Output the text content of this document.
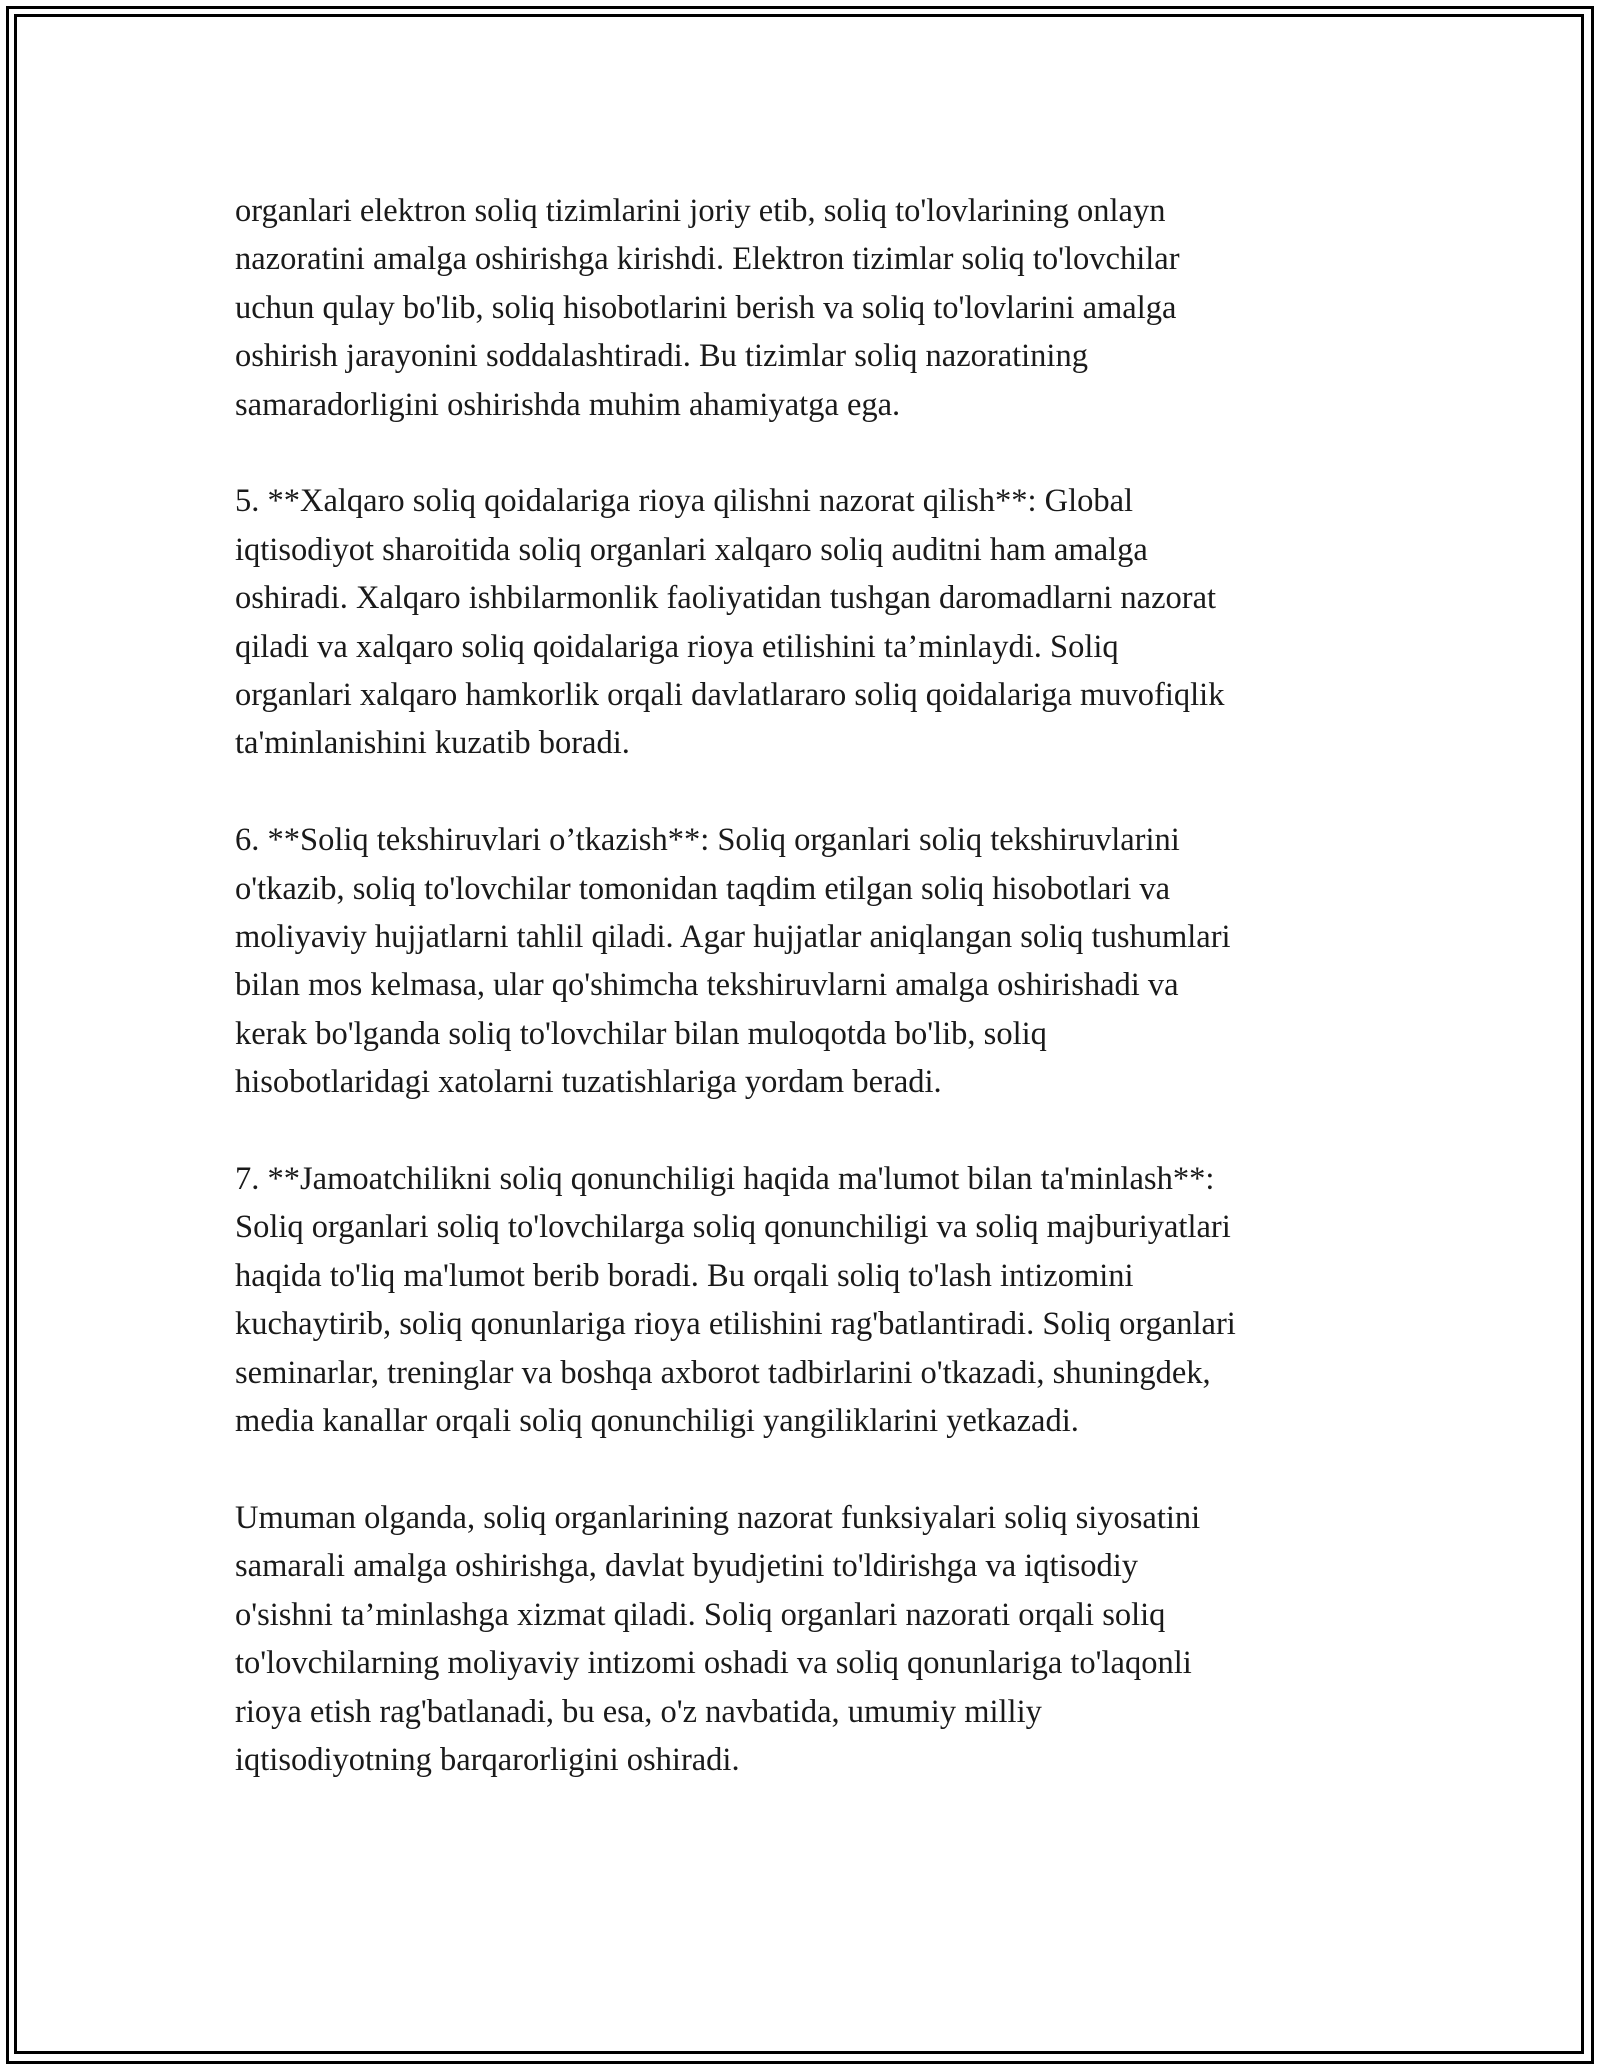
organlari elektron soliq tizimlarini joriy etib, soliq to'lovlarining onlayn
nazoratini amalga oshirishga kirishdi. Elektron tizimlar soliq to'lovchilar
uchun qulay bo'lib, soliq hisobotlarini berish va soliq to'lovlarini amalga
oshirish jarayonini soddalashtiradi. Bu tizimlar soliq nazoratining
samaradorligini oshirishda muhim ahamiyatga ega.

5. **Xalqaro soliq qoidalariga rioya qilishni nazorat qilish**: Global
iqtisodiyot sharoitida soliq organlari xalqaro soliq auditni ham amalga
oshiradi. Xalqaro ishbilarmonlik faoliyatidan tushgan daromadlarni nazorat
qiladi va xalqaro soliq qoidalariga rioya etilishini ta’minlaydi. Soliq
organlari xalqaro hamkorlik orqali davlatlararo soliq qoidalariga muvofiqlik
ta'minlanishini kuzatib boradi.

6. **Soliq tekshiruvlari o’tkazish**: Soliq organlari soliq tekshiruvlarini
o'tkazib, soliq to'lovchilar tomonidan taqdim etilgan soliq hisobotlari va
moliyaviy hujjatlarni tahlil qiladi. Agar hujjatlar aniqlangan soliq tushumlari
bilan mos kelmasa, ular qo'shimcha tekshiruvlarni amalga oshirishadi va
kerak bo'lganda soliq to'lovchilar bilan muloqotda bo'lib, soliq
hisobotlaridagi xatolarni tuzatishlariga yordam beradi.

7. **Jamoatchilikni soliq qonunchiligi haqida ma'lumot bilan ta'minlash**:
Soliq organlari soliq to'lovchilarga soliq qonunchiligi va soliq majburiyatlari
haqida to'liq ma'lumot berib boradi. Bu orqali soliq to'lash intizomini
kuchaytirib, soliq qonunlariga rioya etilishini rag'batlantiradi. Soliq organlari
seminarlar, treninglar va boshqa axborot tadbirlarini o'tkazadi, shuningdek,
media kanallar orqali soliq qonunchiligi yangiliklarini yetkazadi.

Umuman olganda, soliq organlarining nazorat funksiyalari soliq siyosatini
samarali amalga oshirishga, davlat byudjetini to'ldirishga va iqtisodiy
o'sishni ta’minlashga xizmat qiladi. Soliq organlari nazorati orqali soliq
to'lovchilarning moliyaviy intizomi oshadi va soliq qonunlariga to'laqonli
rioya etish rag'batlanadi, bu esa, o'z navbatida, umumiy milliy
iqtisodiyotning barqarorligini oshiradi.
